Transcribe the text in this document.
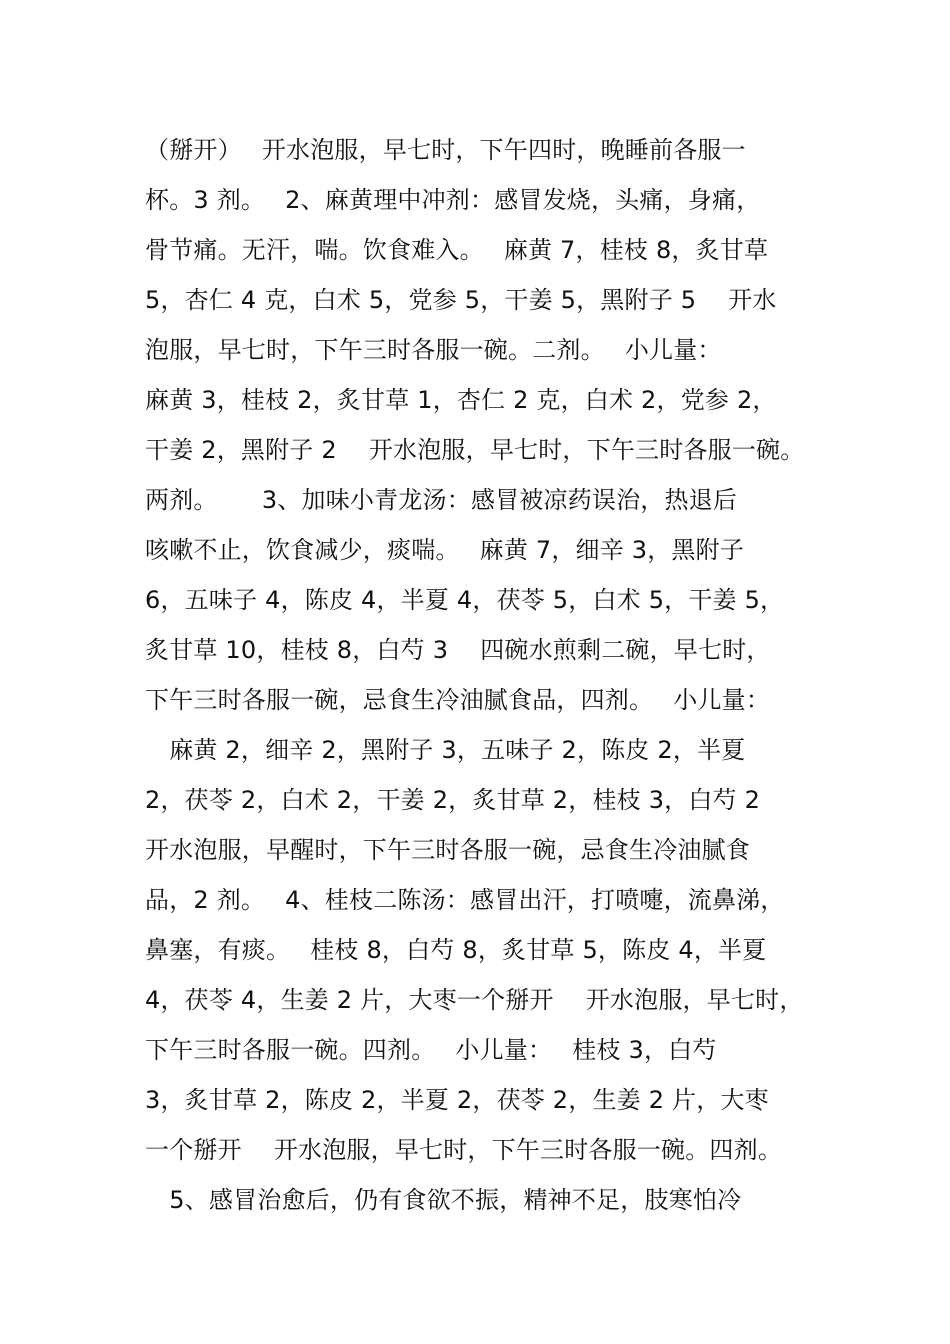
（掰开）　 开水泡服，早七时，下午四时，晚睡前各服一
杯。3 剂。　 2、麻黄理中冲剂：感冒发烧，头痛，身痛，
骨节痛。无汗，喘。饮食难入。　 麻黄 7，桂枝 8，炙甘草
5，杏仁 4 克，白术 5，党参 5，干姜 5，黑附子 5　 开水
泡服，早七时，下午三时各服一碗。二剂。　 小儿量：
麻黄 3，桂枝 2，炙甘草 1，杏仁 2 克，白术 2，党参 2，
干姜 2，黑附子 2　 开水泡服，早七时，下午三时各服一碗。
两剂。　　 3、加味小青龙汤：感冒被凉药误治，热退后
咳嗽不止，饮食减少，痰喘。　 麻黄 7，细辛 3，黑附子
6，五味子 4，陈皮 4，半夏 4，茯苓 5，白术 5，干姜 5，
炙甘草 10，桂枝 8，白芍 3　 四碗水煎剩二碗，早七时，
下午三时各服一碗，忌食生冷油腻食品，四剂。　 小儿量：
　麻黄 2，细辛 2，黑附子 3，五味子 2，陈皮 2，半夏
2，茯苓 2，白术 2，干姜 2，炙甘草 2，桂枝 3，白芍 2
开水泡服，早醒时，下午三时各服一碗，忌食生冷油腻食
品，2 剂。　 4、桂枝二陈汤：感冒出汗，打喷嚏，流鼻涕，
鼻塞，有痰。　 桂枝 8，白芍 8，炙甘草 5，陈皮 4，半夏
4，茯苓 4，生姜 2 片，大枣一个掰开　 开水泡服，早七时，
下午三时各服一碗。四剂。　 小儿量：　 桂枝 3，白芍
3，炙甘草 2，陈皮 2，半夏 2，茯苓 2，生姜 2 片，大枣
一个掰开　 开水泡服，早七时，下午三时各服一碗。四剂。
　5、感冒治愈后，仍有食欲不振，精神不足，肢寒怕冷
